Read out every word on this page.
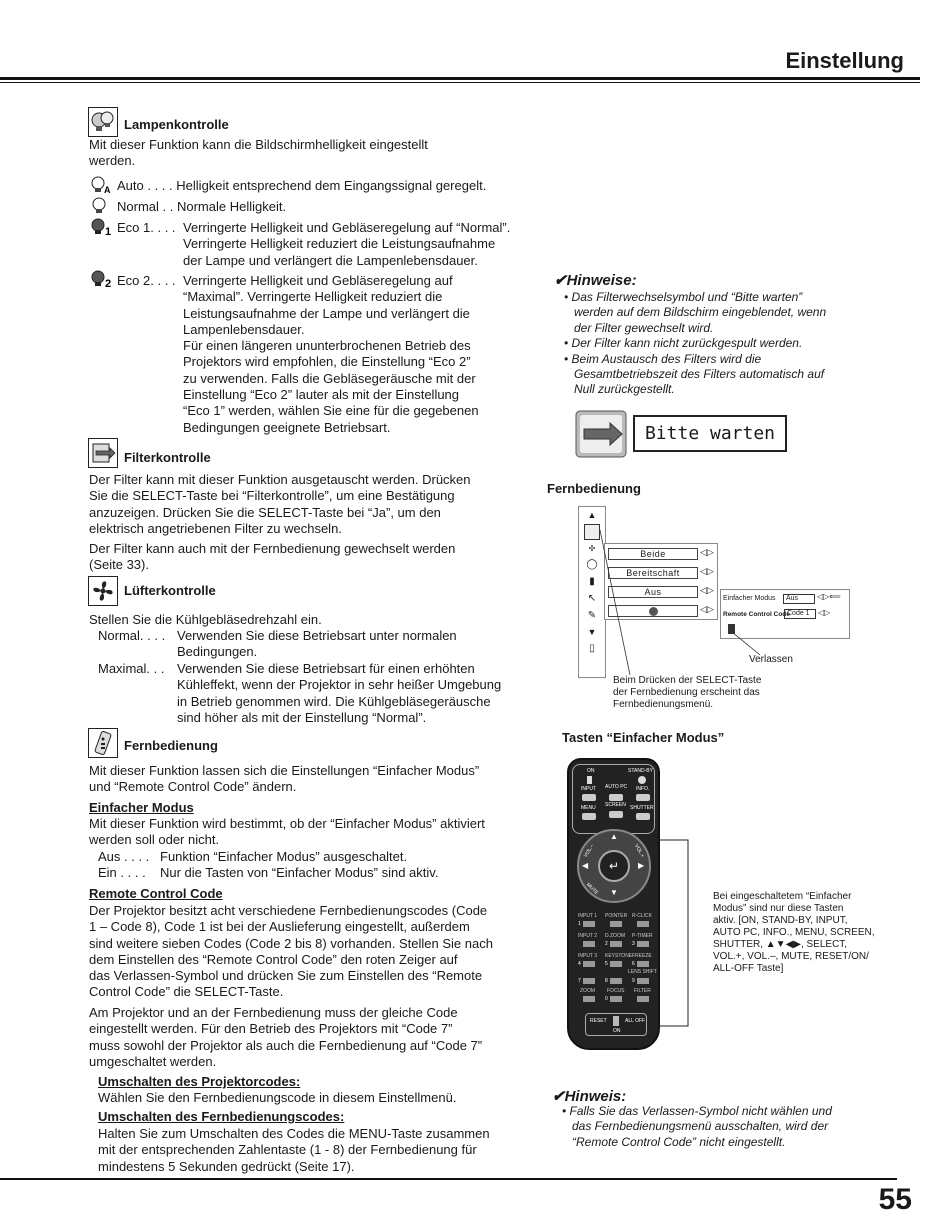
Einstellung
Lampenkontrolle
Mit dieser Funktion kann die Bildschirmhelligkeit eingestellt
werden.
A Auto . . . . Helligkeit entsprechend dem Eingangssignal geregelt.
Normal . . Normale Helligkeit.
1 Eco 1. . . . Verringerte Helligkeit und Gebläseregelung auf “Normal”.
Verringerte Helligkeit reduziert die Leistungsaufnahme
der Lampe und verlängert die Lampenlebensdauer.
2 Eco 2. . . . Verringerte Helligkeit und Gebläseregelung auf
“Maximal”. Verringerte Helligkeit reduziert die
Leistungsaufnahme der Lampe und verlängert die
Lampenlebensdauer.
Für einen längeren ununterbrochenen Betrieb des
Projektors wird empfohlen, die Einstellung “Eco 2”
zu verwenden. Falls die Gebläsegeräusche mit der
Einstellung “Eco 2” lauter als mit der Einstellung
“Eco 1” werden, wählen Sie eine für die gegebenen
Bedingungen geeignete Betriebsart.
Filterkontrolle
Der Filter kann mit dieser Funktion ausgetauscht werden. Drücken
Sie die SELECT-Taste bei “Filterkontrolle”, um eine Bestätigung
anzuzeigen. Drücken Sie die SELECT-Taste bei “Ja”, um den
elektrisch angetriebenen Filter zu wechseln.
Der Filter kann auch mit der Fernbedienung gewechselt werden
(Seite 33).
Lüfterkontrolle
Stellen Sie die Kühlgebläsedrehzahl ein.
Normal. . . . Verwenden Sie diese Betriebsart unter normalen
Bedingungen.
Maximal. . . Verwenden Sie diese Betriebsart für einen erhöhten
Kühleffekt, wenn der Projektor in sehr heißer Umgebung
in Betrieb genommen wird. Die Kühlgebläsegeräusche
sind höher als mit der Einstellung “Normal”.
Fernbedienung
Mit dieser Funktion lassen sich die Einstellungen “Einfacher Modus”
und “Remote Control Code” ändern.
Einfacher Modus
Mit dieser Funktion wird bestimmt, ob der “Einfacher Modus” aktiviert
werden soll oder nicht.
Aus . . . . Funktion “Einfacher Modus” ausgeschaltet.
Ein . . . . Nur die Tasten von “Einfacher Modus” sind aktiv.
Remote Control Code
Der Projektor besitzt acht verschiedene Fernbedienungscodes (Code
1 – Code 8), Code 1 ist bei der Auslieferung eingestellt, außerdem
sind weitere sieben Codes (Code 2 bis 8) vorhanden. Stellen Sie nach
dem Einstellen des “Remote Control Code” den roten Zeiger auf
das Verlassen-Symbol und drücken Sie zum Einstellen des “Remote
Control Code” die SELECT-Taste.
Am Projektor und an der Fernbedienung muss der gleiche Code
eingestellt werden. Für den Betrieb des Projektors mit “Code 7”
muss sowohl der Projektor als auch die Fernbedienung auf “Code 7”
umgeschaltet werden.
Umschalten des Projektorcodes:
Wählen Sie den Fernbedienungscode in diesem Einstellmenü.
Umschalten des Fernbedienungscodes:
Halten Sie zum Umschalten des Codes die MENU-Taste zusammen
mit der entsprechenden Zahlentaste (1 - 8) der Fernbedienung für
mindestens 5 Sekunden gedrückt (Seite 17).
✔Hinweise:
• Das Filterwechselsymbol und “Bitte warten”
werden auf dem Bildschirm eingeblendet, wenn
der Filter gewechselt wird.
• Der Filter kann nicht zurückgespult werden.
• Beim Austausch des Filters wird die
Gesamtbetriebszeit des Filters automatisch auf
Null zurückgestellt.
Bitte warten
Fernbedienung
▲
✣
◯
▮
↖
✎
▼
▯
Beide	◁▷
Bereitschaft	◁▷
Aus	◁▷
◁▷
Einfacher Modus	Aus	◁▷⟸
Remote Control Code
Code 1	◁▷
Verlassen
Beim Drücken der SELECT-Taste
der Fernbedienung erscheint das
Fernbedienungsmenü.
Tasten “Einfacher Modus”
ON	STAND-BY
INPUT AUTO PC INFO.
MENU SCREEN SHUTTER
↵
▲
▼
◀	▶
VOL.–	VOL.+
MUTE
INPUT 1 POINTER R-CLICK
INPUT 2 D.ZOOM P-TIMER
INPUT 3 KEYSTONE FREEZE
LENS SHIFT
ZOOM FOCUS FILTER
1
2	3
4	5	6
7	8	9
0
RESET	ALL OFF
ON
Bei eingeschaltetem “Einfacher
Modus” sind nur diese Tasten
aktiv. [ON, STAND-BY, INPUT,
AUTO PC, INFO., MENU, SCREEN,
SHUTTER, ▲▼◀▶, SELECT,
VOL.+, VOL.–, MUTE, RESET/ON/
ALL-OFF Taste]
✔Hinweis:
• Falls Sie das Verlassen-Symbol nicht wählen und
das Fernbedienungsmenü ausschalten, wird der
“Remote Control Code” nicht eingestellt.
55
